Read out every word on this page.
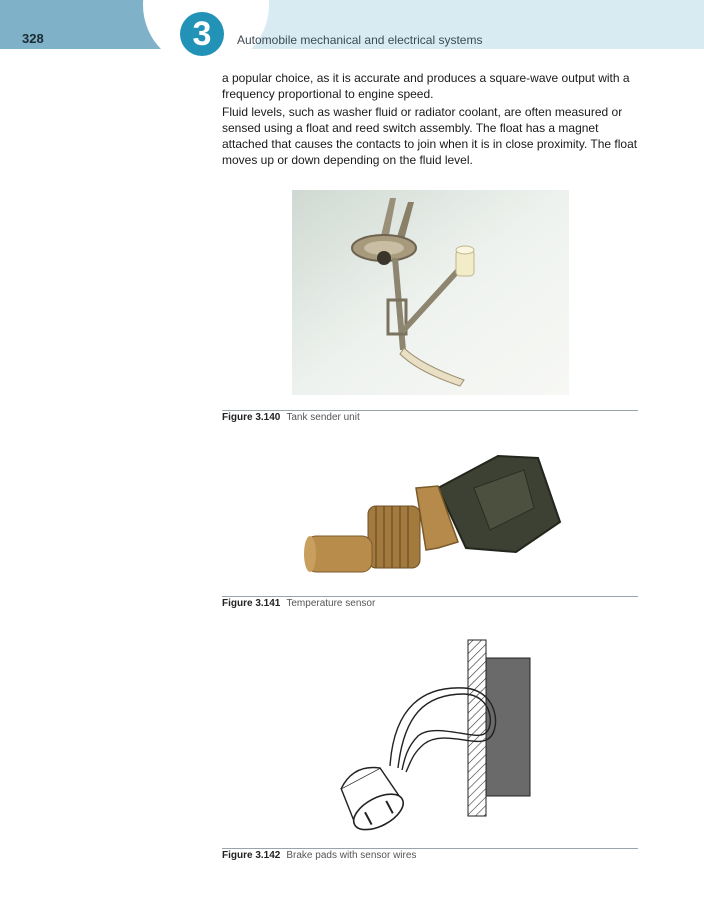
3
328	Automobile mechanical and electrical systems

a popular choice, as it is accurate and produces a square-wave output with a frequency proportional to engine speed.

Fluid levels, such as washer fluid or radiator coolant, are often measured or sensed using a float and reed switch assembly. The float has a magnet attached that causes the contacts to join when it is in close proximity. The float moves up or down depending on the fluid level.

Figure 3.140 Tank sender unit
Figure 3.141 Temperature sensor
Figure 3.142 Brake pads with sensor wires
